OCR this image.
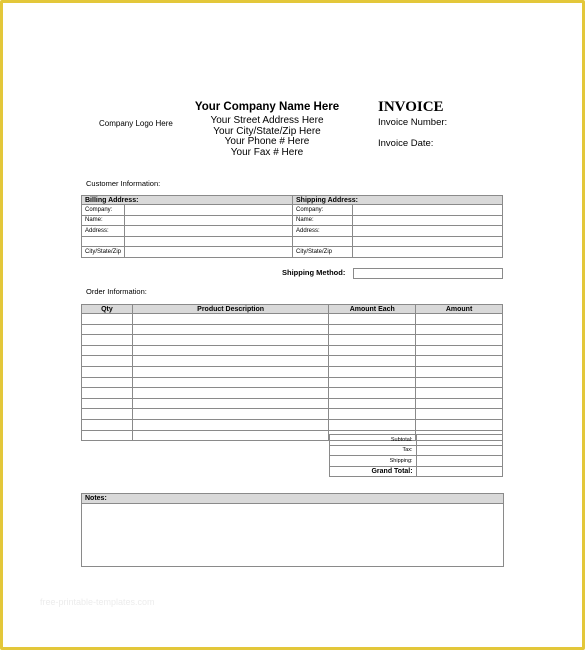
Company Logo Here
Your Company Name Here
Your Street Address Here
Your City/State/Zip Here
Your Phone # Here
Your Fax # Here
INVOICE
Invoice Number:
Invoice Date:
Customer Information:
Billing Address:		Shipping Address:	
Company:		Company:	
Name:		Name:	
Address:		Address:	

City/State/Zip		City/State/Zip	
Shipping Method:
Order Information:
Qty	Product Description	Amount Each	Amount

Subtotal:	
Tax:	
Shipping:	
Grand Total:	
Notes:
free-printable-templates.com
